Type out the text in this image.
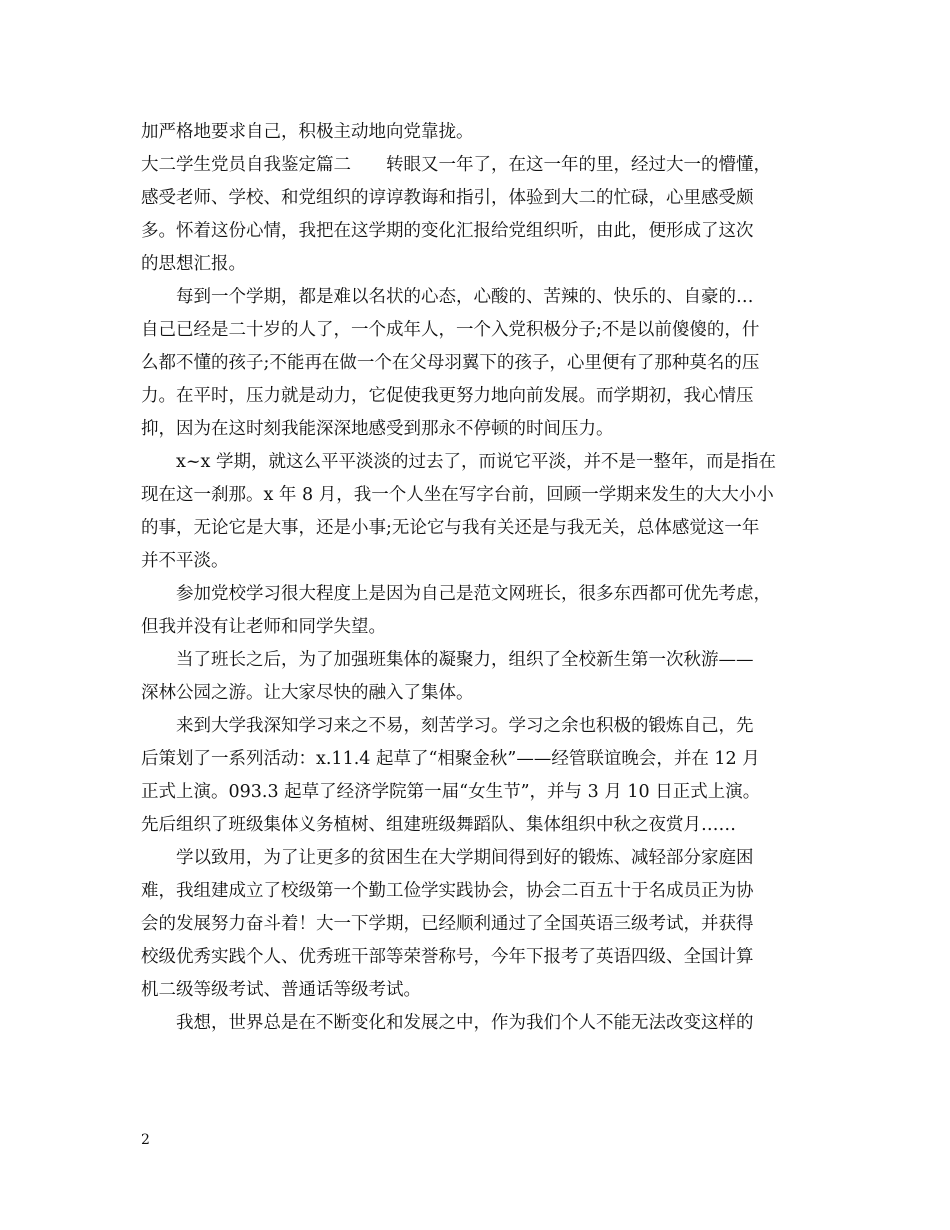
加严格地要求自己，积极主动地向党靠拢。
大二学生党员自我鉴定篇二　　转眼又一年了，在这一年的里，经过大一的懵懂，
感受老师、学校、和党组织的谆谆教诲和指引，体验到大二的忙碌，心里感受颇
多。怀着这份心情，我把在这学期的变化汇报给党组织听，由此，便形成了这次
的思想汇报。
每到一个学期，都是难以名状的心态，心酸的、苦辣的、快乐的、自豪的…
自己已经是二十岁的人了，一个成年人，一个入党积极分子;不是以前傻傻的，什
么都不懂的孩子;不能再在做一个在父母羽翼下的孩子，心里便有了那种莫名的压
力。在平时，压力就是动力，它促使我更努力地向前发展。而学期初，我心情压
抑，因为在这时刻我能深深地感受到那永不停顿的时间压力。
x~x 学期，就这么平平淡淡的过去了，而说它平淡，并不是一整年，而是指在
现在这一刹那。x 年 8 月，我一个人坐在写字台前，回顾一学期来发生的大大小小
的事，无论它是大事，还是小事;无论它与我有关还是与我无关，总体感觉这一年
并不平淡。
参加党校学习很大程度上是因为自己是范文网班长，很多东西都可优先考虑，
但我并没有让老师和同学失望。
当了班长之后，为了加强班集体的凝聚力，组织了全校新生第一次秋游——
深林公园之游。让大家尽快的融入了集体。
来到大学我深知学习来之不易，刻苦学习。学习之余也积极的锻炼自己，先
后策划了一系列活动：x.11.4 起草了“相聚金秋”——经管联谊晚会，并在 12 月
正式上演。093.3 起草了经济学院第一届“女生节”，并与 3 月 10 日正式上演。
先后组织了班级集体义务植树、组建班级舞蹈队、集体组织中秋之夜赏月……
学以致用，为了让更多的贫困生在大学期间得到好的锻炼、减轻部分家庭困
难，我组建成立了校级第一个勤工俭学实践协会，协会二百五十于名成员正为协
会的发展努力奋斗着！大一下学期，已经顺利通过了全国英语三级考试，并获得
校级优秀实践个人、优秀班干部等荣誉称号，今年下报考了英语四级、全国计算
机二级等级考试、普通话等级考试。
我想，世界总是在不断变化和发展之中，作为我们个人不能无法改变这样的
2
